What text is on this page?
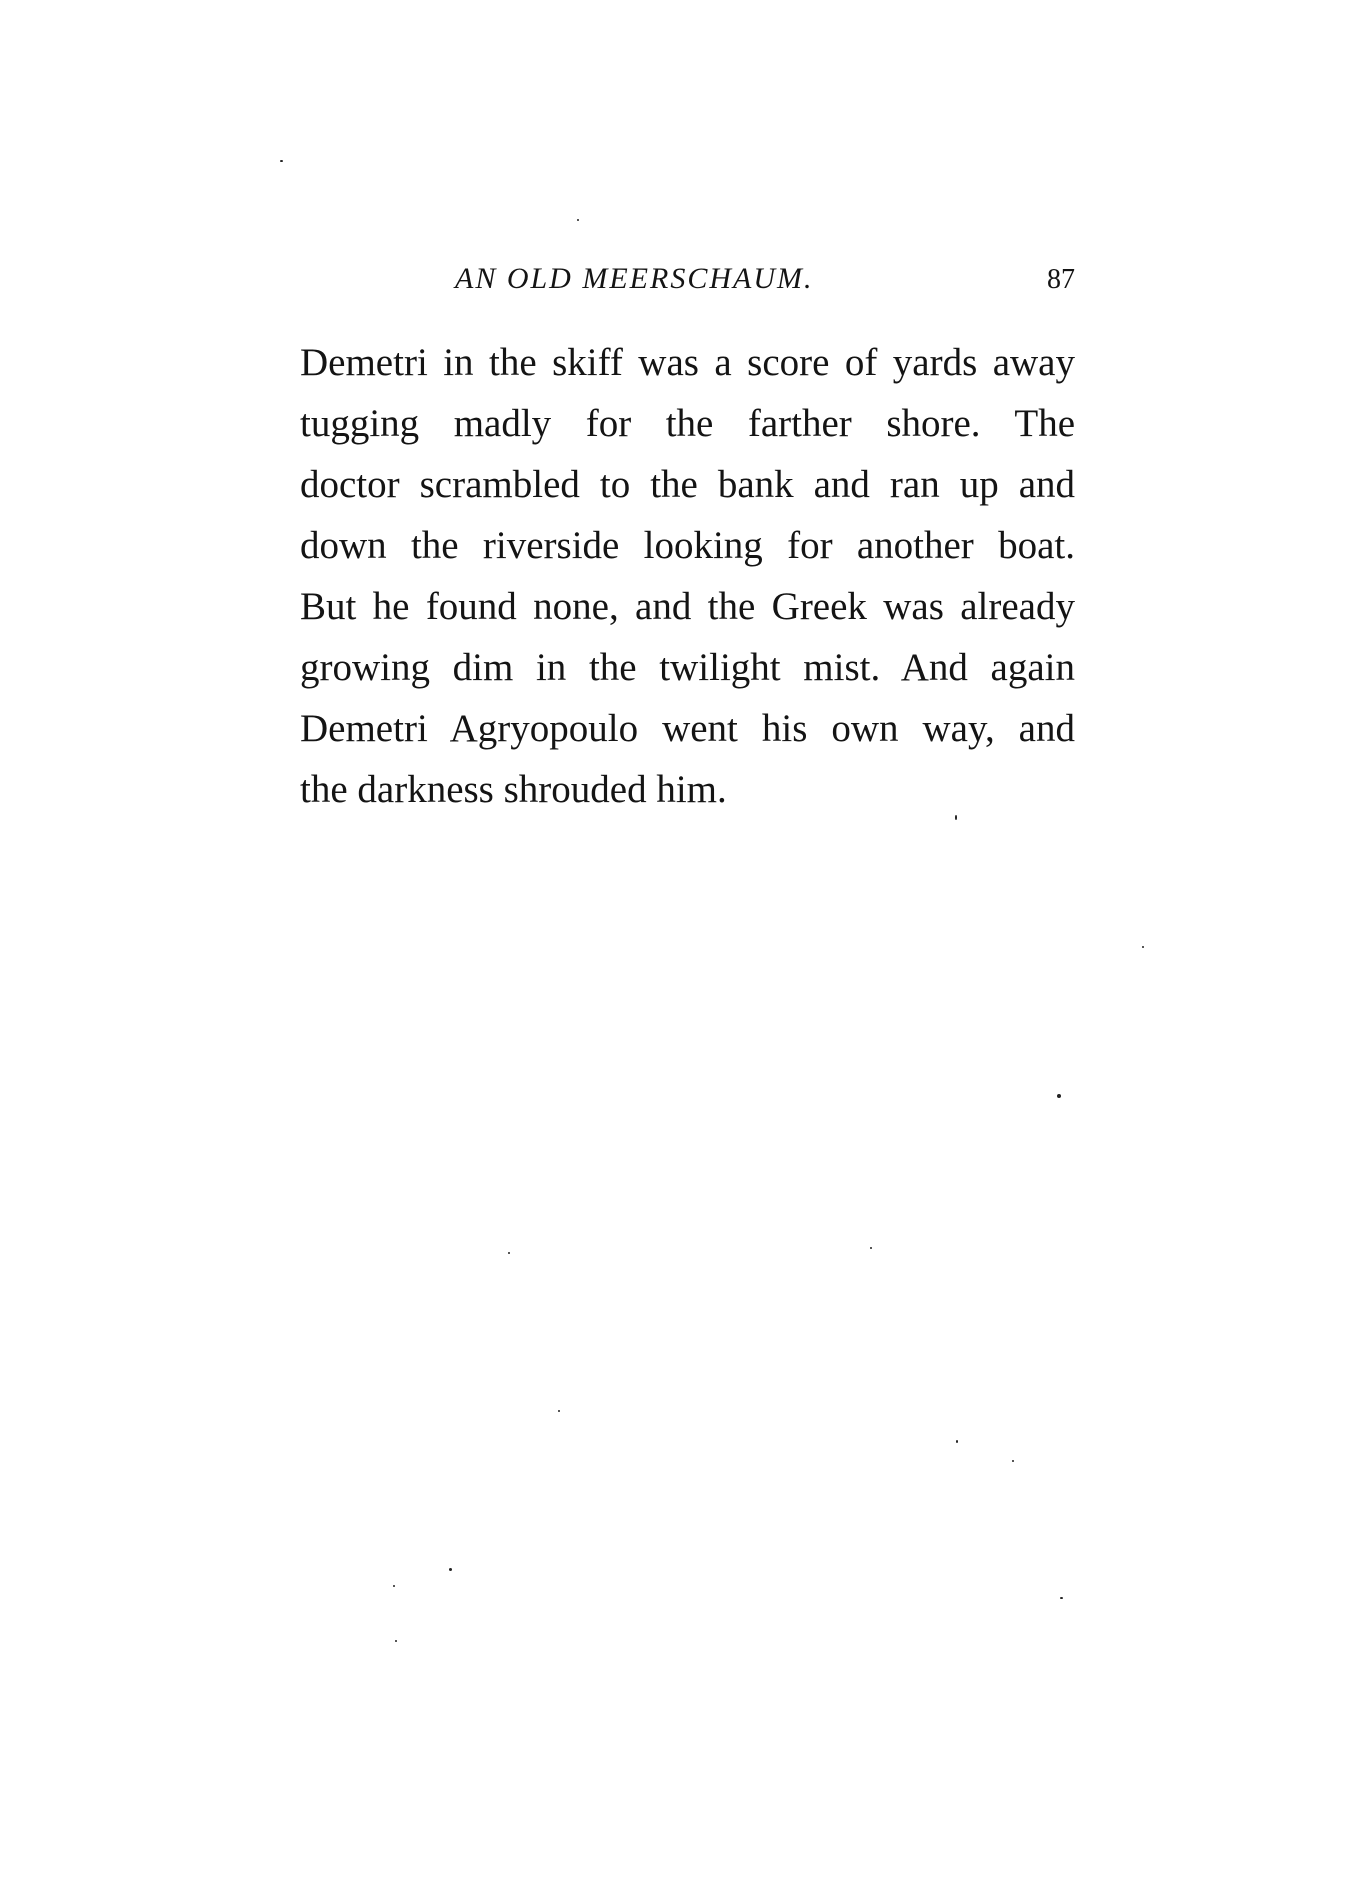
AN OLD MEERSCHAUM.	87
Demetri in the skiff was a score of yards away
tugging madly for the farther shore. The
doctor scrambled to the bank and ran up and
down the riverside looking for another boat.
But he found none, and the Greek was already
growing dim in the twilight mist. And again
Demetri Agryopoulo went his own way, and
the darkness shrouded him.
